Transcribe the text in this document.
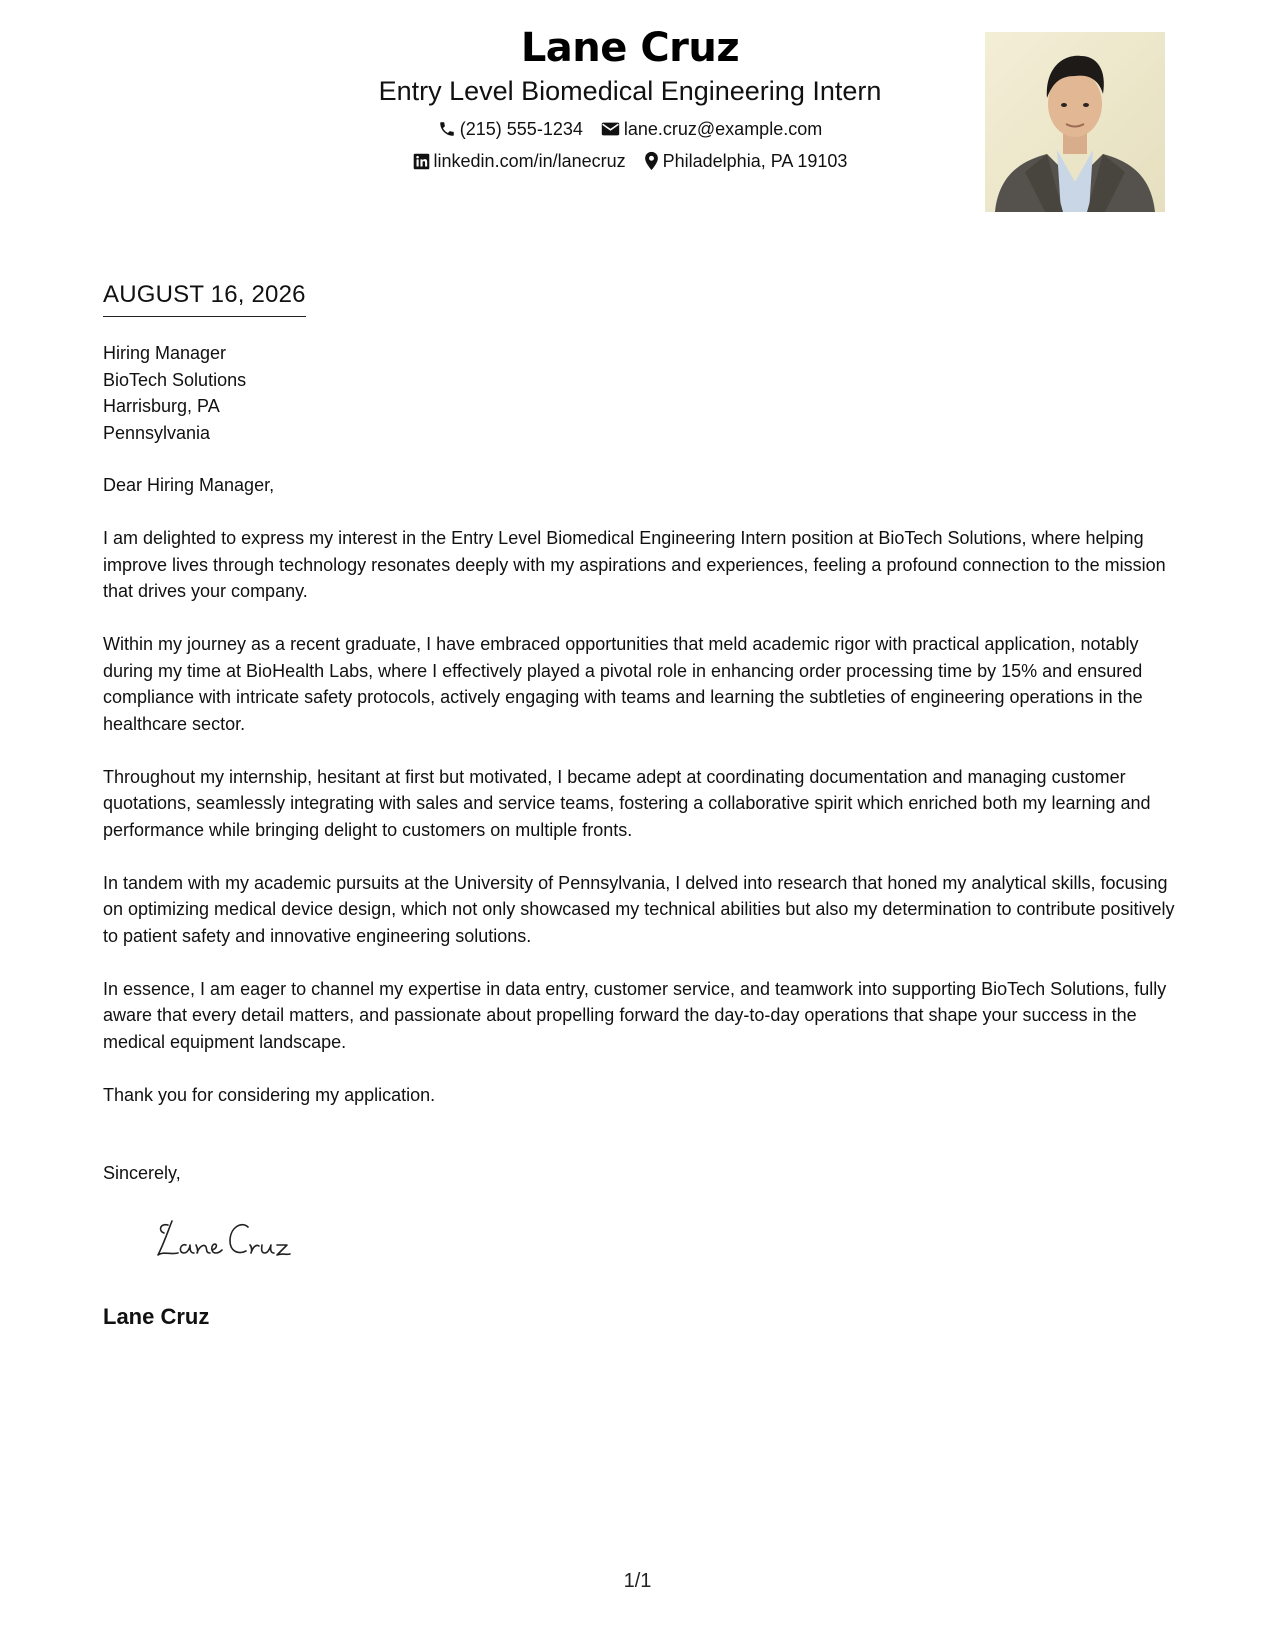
Lane Cruz
Entry Level Biomedical Engineering Intern
(215) 555-1234 lane.cruz@example.com
linkedin.com/in/lanecruz Philadelphia, PA 19103
AUGUST 16, 2026
Hiring Manager
BioTech Solutions
Harrisburg, PA
Pennsylvania

Dear Hiring Manager,

I am delighted to express my interest in the Entry Level Biomedical Engineering Intern position at BioTech Solutions, where helping improve lives through technology resonates deeply with my aspirations and experiences, feeling a profound connection to the mission that drives your company.

Within my journey as a recent graduate, I have embraced opportunities that meld academic rigor with practical application, notably during my time at BioHealth Labs, where I effectively played a pivotal role in enhancing order processing time by 15% and ensured compliance with intricate safety protocols, actively engaging with teams and learning the subtleties of engineering operations in the healthcare sector.

Throughout my internship, hesitant at first but motivated, I became adept at coordinating documentation and managing customer quotations, seamlessly integrating with sales and service teams, fostering a collaborative spirit which enriched both my learning and performance while bringing delight to customers on multiple fronts.

In tandem with my academic pursuits at the University of Pennsylvania, I delved into research that honed my analytical skills, focusing on optimizing medical device design, which not only showcased my technical abilities but also my determination to contribute positively to patient safety and innovative engineering solutions.

In essence, I am eager to channel my expertise in data entry, customer service, and teamwork into supporting BioTech Solutions, fully aware that every detail matters, and passionate about propelling forward the day-to-day operations that shape your success in the medical equipment landscape.

Thank you for considering my application.

Sincerely,
Lane Cruz
1/1
